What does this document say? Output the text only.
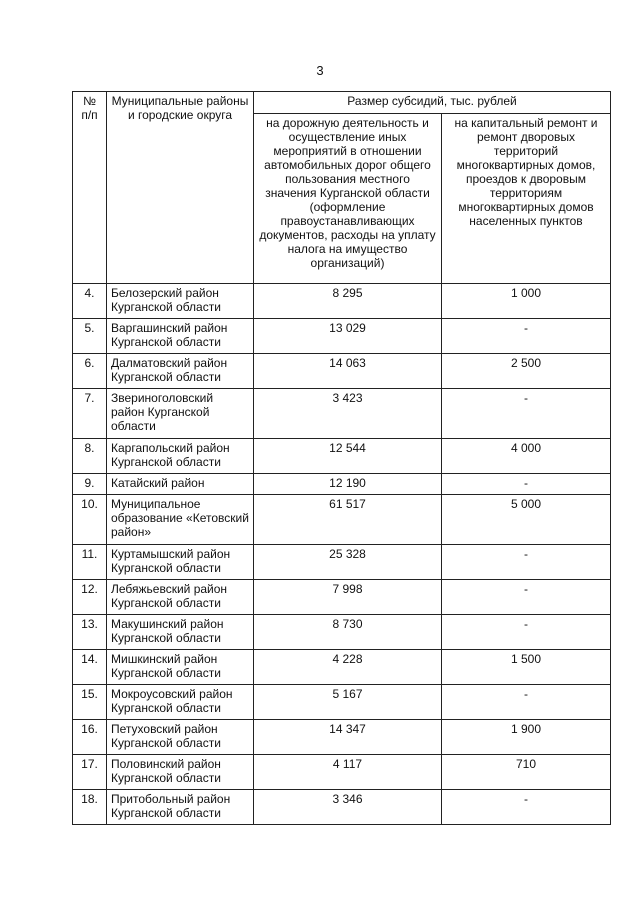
3
№ п/п	Муниципальные районы и городские округа	Размер субсидий, тыс. рублей	
		на дорожную деятельность и осуществление иных мероприятий в отношении автомобильных дорог общего пользования местного значения Курганской области (оформление правоустанавливающих документов, расходы на уплату налога на имущество организаций)	на капитальный ремонт и ремонт дворовых территорий многоквартирных домов, проездов к дворовым территориям многоквартирных домов населенных пунктов
4.	Белозерский район Курганской области	8 295	1 000
5.	Варгашинский район Курганской области	13 029	-
6.	Далматовский район Курганской области	14 063	2 500
7.	Звериноголовский район Курганской области	3 423	-
8.	Каргапольский район Курганской области	12 544	4 000
9.	Катайский район	12 190	-
10.	Муниципальное образование «Кетовский район»	61 517	5 000
11.	Куртамышский район Курганской области	25 328	-
12.	Лебяжьевский район Курганской области	7 998	-
13.	Макушинский район Курганской области	8 730	-
14.	Мишкинский район Курганской области	4 228	1 500
15.	Мокроусовский район Курганской области	5 167	-
16.	Петуховский район Курганской области	14 347	1 900
17.	Половинский район Курганской области	4 117	710
18.	Притобольный район Курганской области	3 346	-
